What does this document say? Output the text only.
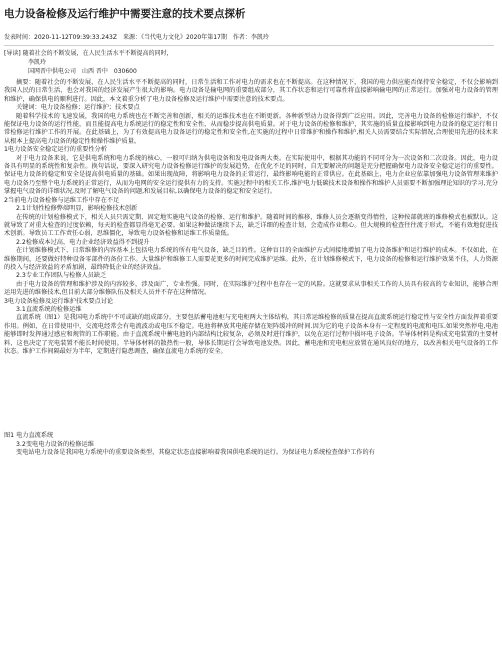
电力设备检修及运行维护中需要注意的技术要点探析

发表时间：2020-11-12T09:39:33.243Z　来源：《当代电力文化》2020年第17期　作者：李凯玲

[导读] 随着社会的不断发展，在人民生活水平不断提高的同时，

李凯玲

国网晋中供电公司　山西 晋中　030600

摘要：随着社会的不断发展，在人民生活水平不断提高的同时，日常生活和工作对电力的需求也在不断提高。在这种情况下，我国的电力供应能否保持安全稳定，不仅会影响到我国人民的日常生活，也会对我国的经济发展产生很大的影响。电力设备是输电网的重要组成部分，其工作状态和运行可靠性将直接影响输电网的正常运行。加强对电力设备的管理和维护，确保供电的顺利进行。因此，本文着重分析了电力设备检修及运行维护中需要注意的技术要点。

关键词：电力设备检修；运行维护；技术要点

随着科学技术的飞速发展，我国的电力系统也在不断完善和创新，相关的运维技术也在不断更新。各种新型动力设备得到广泛应用。因此，完善电力设备的检修运行维护，不仅能保证电力设备的运行性能，而且能提高电力系统运行的稳定性和安全性，从而稳步提高供电质量。对于电力设备的检修和维护，其实施的质量直接影响到电力设备的稳定运行和日常检修运行维护工作的开展。在此基础上，为了有效提高电力设备运行的稳定性和安全性,在实施的过程中日常维护和操作和维护,相关人员需要结合实际情况,合理使用先进的技术来从根本上提高电力设备的稳定性和操作维护质量。

1电力设备安全稳定运行的重要性分析

对于电力设备来说，它是供电系统和电力系统的核心，一般可归纳为供电设备和发电设备两大类。在实际使用中，根据其功能的不同可分为一次设备和二次设备。因此，电力设备具有明显的系统性和复杂性。换句话说，要深入研究电力设备检修运行维护的发展趋势，在优化不足的同时，自无要解决的问题是充分把握确保电力设备安全稳定运行的重要性。保证电力设备的稳定和安全是提高供电质量的基础。如果出现故障，将影响电力设备的正常运行，最终影响电能的正常供应。在此基础上，电力企业应依靠加强电力设备管理来维护电力设备乃至整个电力系统的正常运行，从而为电网的安全运行提供有力的支持。实施过程中的相关工作,维护电力低碳技术设备和操作和维护人员需要不断加强理论知识的学习,充分掌握电气设备的详细状况,及时了解电气设备的问题,和发展目标,以确保电力设备的稳定和安全运行。

2当前电力设备检修与运维工作中存在不足

2.1计划性检修弊端明显，影响检修技术创新

在传统的计划检修模式下，相关人员只需定期、固定地实施电气设备的检修、运行和维护。随着时间的推移，维修人员会逐渐变得惰性，这种按部就班的维修模式也被默认。这就导致了对重大检查的过度依赖，每天的检查都显得毫无必要。如果这种做法继续下去，缺乏详细的检查计划，会造成作业粗心。但大规模的检查往往流于形式，不能有效地促进技术创新。导致员工工作责任心弱，思维僵化，导致电力设备检修和运维工作质量低。

2.2检修成本过高，电力企业经济效益得不到提升

在计划维修模式下，日常维修的内容基本上包括电力系统的所有电气设备，缺乏目的性。这种盲目的全面维护方式间接地增加了电力设备维护和运行维护的成本。不仅如此，在维修期间，还要做好特种设备零部件的备份工作。大量维护和维修工人需要花更多的时间完成维护运维。此外，在计划维修模式下，电力设备的检修和运行维护效果不佳，人力资源的投入与经济效益的矛盾加剧，最终降低企业的经济效益。

2.3专业工作团队与检修人员缺乏

由于电力设备的管理和维护涉及的内容较多，涉及面广，专业性强。同时，在实际维护过程中也存在一定的风险。这就要求从事相关工作的人员具有较高的专业知识，能够合理运用先进的维修技术,但目前大部分维修队伍及相关人员并不存在这种情况。

3电力设备检修及运行维护技术要点讨论

3.1直流系统的检修运维

直流系统（图1）是我国电力系统中不可或缺的组成部分，主要包括蓄电池柜与充电柜两大主体结构，其日常运维检修的质量在提高直流系统运行稳定性与安全性方面发挥着重要作用。例如，在日常使用中，交流电经常会有电流波动或电压不稳定。电池将释放其电能存储在矩阵缓冲的时间.因为它的电子设备本身有一定程度的电流和电压.如果突然停电,电池能够即时发挥通过感应和规管的工作职能。由于直流系统中蓄电池的内部结构比较复杂，必须及时进行维护，以免在运行过程中损坏电子设备。半导体材料是构成充电装置的主要材料，这也决定了充电装置不能长时间使用。半导体材料的散热性一般，导体长期运行会导致电池发热。因此，蓄电池和充电柜应放置在通风良好的地方，以改善相关电气设备的工作状态。维护工作间隔最好为半年，定期进行隐患调查，确保直流电力系统的安全。

图1 电力直流系统

3.2变电电力设备的检修运维

变电站电力设备是我国电力系统中的重要设备类型，其稳定状态直接影响着我国供电系统的运行。为保证电力系统检查保护工作的有
